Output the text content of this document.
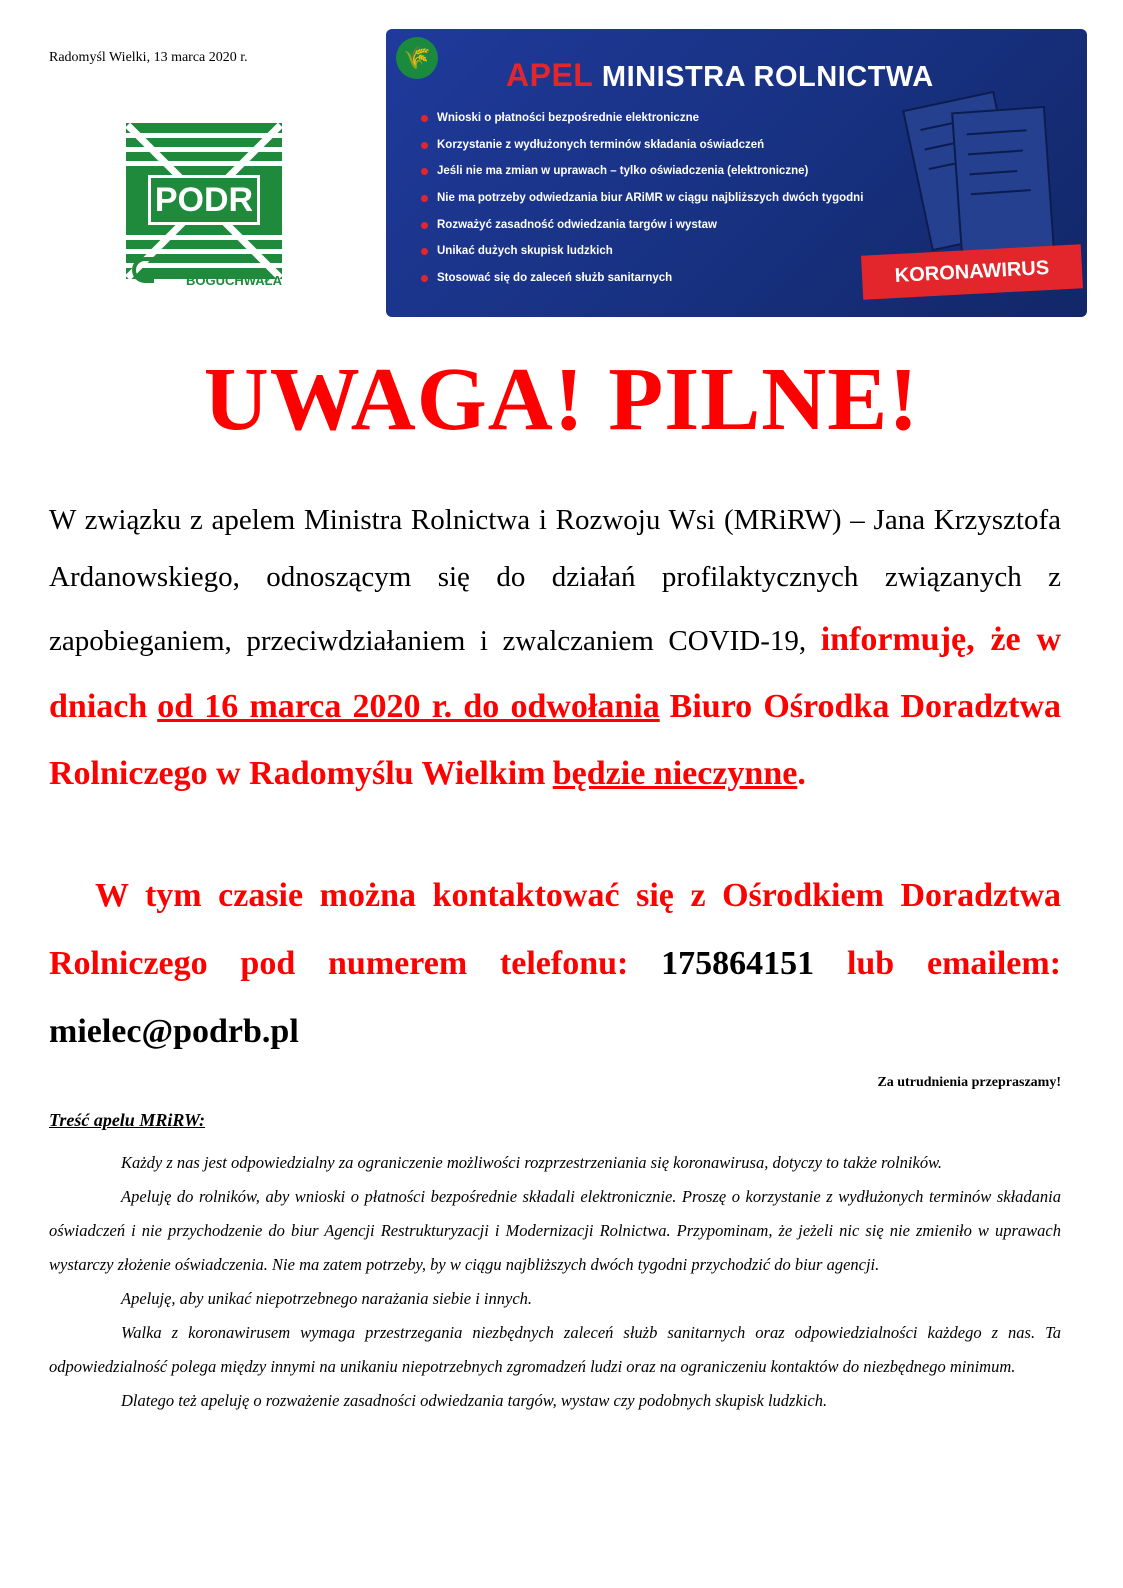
Radomyśl Wielki, 13 marca 2020 r.
PODR
BOGUCHWAŁA
🌾 APEL MINISTRA ROLNICTWA
Wnioski o płatności bezpośrednie elektroniczne
Korzystanie z wydłużonych terminów składania oświadczeń
Jeśli nie ma zmian w uprawach – tylko oświadczenia (elektroniczne)
Nie ma potrzeby odwiedzania biur ARiMR w ciągu najbliższych dwóch tygodni
Rozważyć zasadność odwiedzania targów i wystaw
Unikać dużych skupisk ludzkich
Stosować się do zaleceń służb sanitarnych	KORONAWIRUS
UWAGA! PILNE!
W związku z apelem Ministra Rolnictwa i Rozwoju Wsi (MRiRW) – Jana Krzysztofa Ardanowskiego, odnoszącym się do działań profilaktycznych związanych z zapobieganiem, przeciwdziałaniem i zwalczaniem COVID-19, informuję, że w dniach od 16 marca 2020 r. do odwołania Biuro Ośrodka Doradztwa Rolniczego w Radomyślu Wielkim będzie nieczynne.
W tym czasie można kontaktować się z Ośrodkiem Doradztwa Rolniczego pod numerem telefonu: 175864151 lub emailem: mielec@podrb.pl
Za utrudnienia przepraszamy!
Treść apelu MRiRW:

Każdy z nas jest odpowiedzialny za ograniczenie możliwości rozprzestrzeniania się koronawirusa, dotyczy to także rolników.

Apeluję do rolników, aby wnioski o płatności bezpośrednie składali elektronicznie. Proszę o korzystanie z wydłużonych terminów składania oświadczeń i nie przychodzenie do biur Agencji Restrukturyzacji i Modernizacji Rolnictwa. Przypominam, że jeżeli nic się nie zmieniło w uprawach wystarczy złożenie oświadczenia. Nie ma zatem potrzeby, by w ciągu najbliższych dwóch tygodni przychodzić do biur agencji.

Apeluję, aby unikać niepotrzebnego narażania siebie i innych.

Walka z koronawirusem wymaga przestrzegania niezbędnych zaleceń służb sanitarnych oraz odpowiedzialności każdego z nas. Ta odpowiedzialność polega między innymi na unikaniu niepotrzebnych zgromadzeń ludzi oraz na ograniczeniu kontaktów do niezbędnego minimum.

Dlatego też apeluję o rozważenie zasadności odwiedzania targów, wystaw czy podobnych skupisk ludzkich.
